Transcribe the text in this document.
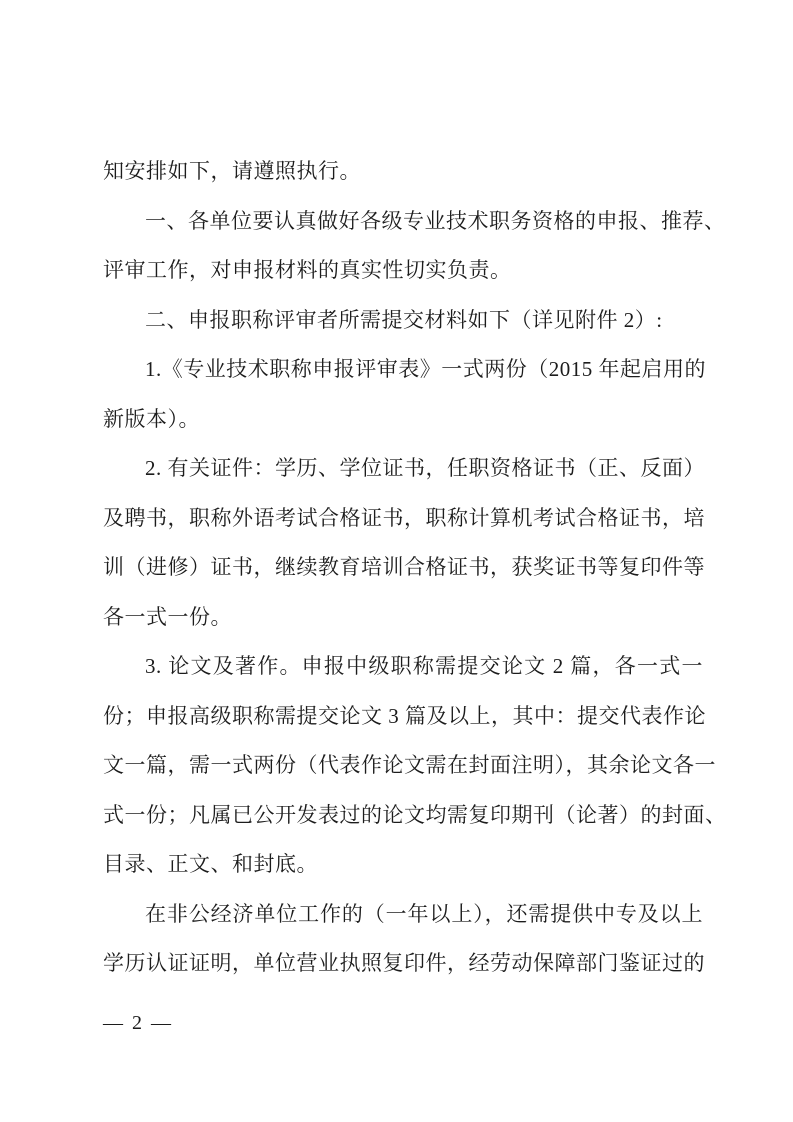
知安排如下，请遵照执行。
一、各单位要认真做好各级专业技术职务资格的申报、推荐、
评审工作，对申报材料的真实性切实负责。
二、申报职称评审者所需提交材料如下（详见附件 2）:
1.《专业技术职称申报评审表》一式两份（2015 年起启用的
新版本）。
2. 有关证件：学历、学位证书，任职资格证书（正、反面）
及聘书，职称外语考试合格证书，职称计算机考试合格证书，培
训（进修）证书，继续教育培训合格证书，获奖证书等复印件等
各一式一份。
3. 论文及著作。申报中级职称需提交论文 2 篇，各一式一
份；申报高级职称需提交论文 3 篇及以上，其中：提交代表作论
文一篇，需一式两份（代表作论文需在封面注明），其余论文各一
式一份；凡属已公开发表过的论文均需复印期刊（论著）的封面、
目录、正文、和封底。
在非公经济单位工作的（一年以上），还需提供中专及以上
学历认证证明，单位营业执照复印件，经劳动保障部门鉴证过的
— 2 —
